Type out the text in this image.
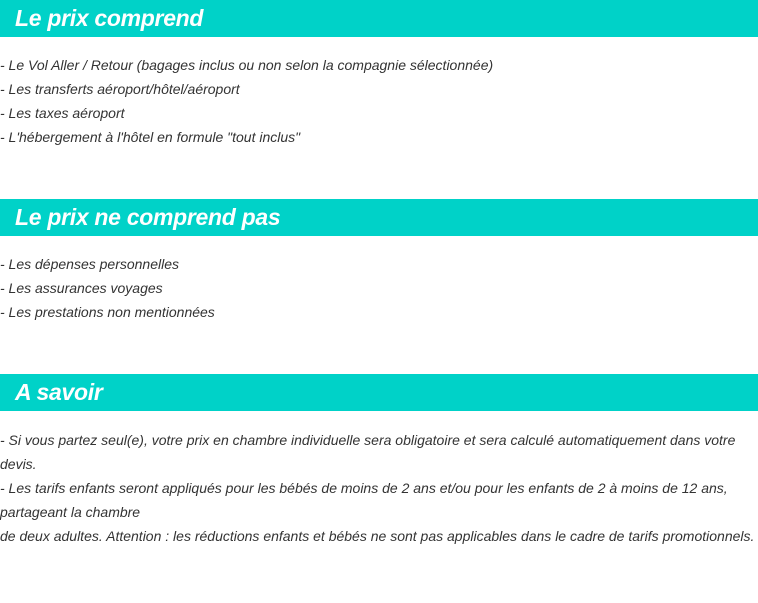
Le prix comprend

- Le Vol Aller / Retour (bagages inclus ou non selon la compagnie sélectionnée)

- Les transferts aéroport/hôtel/aéroport

- Les taxes aéroport

- L'hébergement à l'hôtel en formule "tout inclus"

Le prix ne comprend pas

- Les dépenses personnelles

- Les assurances voyages

- Les prestations non mentionnées

A savoir

- Si vous partez seul(e), votre prix en chambre individuelle sera obligatoire et sera calculé automatiquement dans votre devis.

- Les tarifs enfants seront appliqués pour les bébés de moins de 2 ans et/ou pour les enfants de 2 à moins de 12 ans, partageant la chambre

de deux adultes. Attention : les réductions enfants et bébés ne sont pas applicables dans le cadre de tarifs promotionnels.
